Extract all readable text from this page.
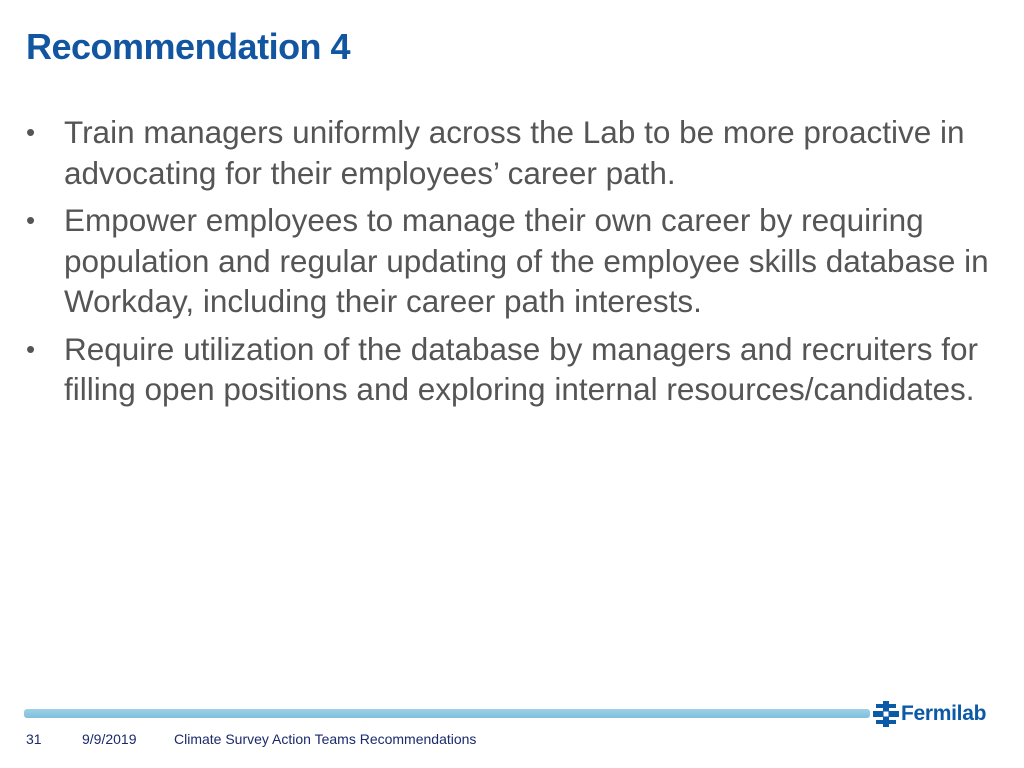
Recommendation 4
• Train managers uniformly across the Lab to be more proactive in advocating for their employees’ career path.
• Empower employees to manage their own career by requiring population and regular updating of the employee skills database in Workday, including their career path interests.
• Require utilization of the database by managers and recruiters for filling open positions and exploring internal resources/candidates.
Fermilab
31	9/9/2019	Climate Survey Action Teams Recommendations
